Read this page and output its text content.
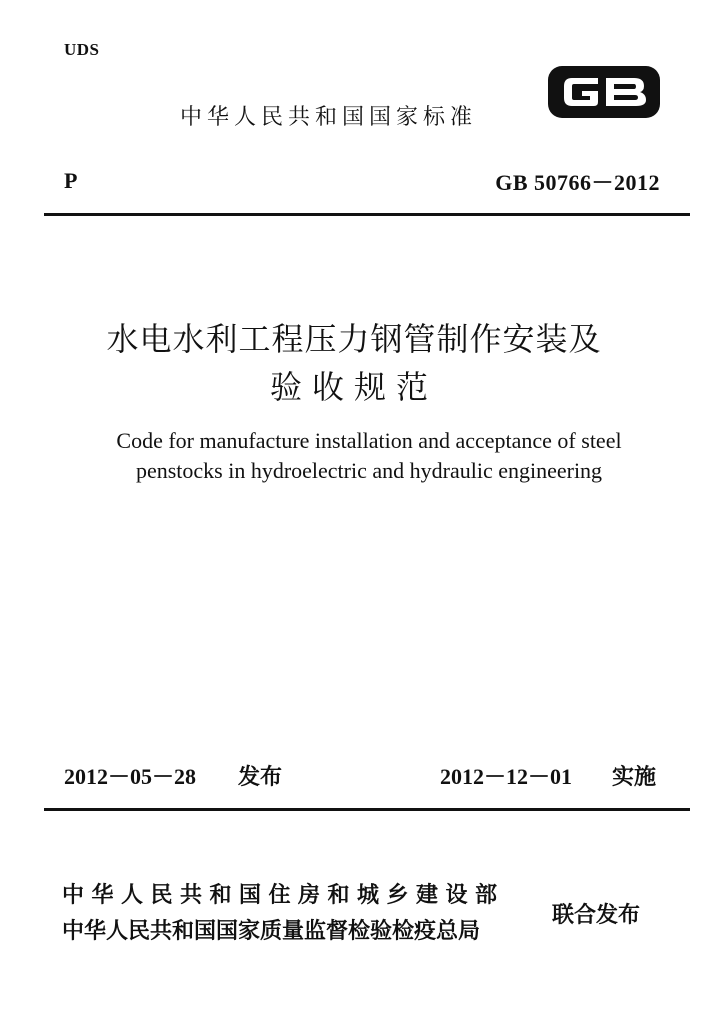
UDS
中华人民共和国国家标准
P	GB 50766－2012
水电水利工程压力钢管制作安装及
验收规范
Code for manufacture installation and acceptance of steel
penstocks in hydroelectric and hydraulic engineering
2012－05－28 发布	2012－12－01 实施
中华人民共和国住房和城乡建设部
中华人民共和国国家质量监督检验检疫总局
联合发布
